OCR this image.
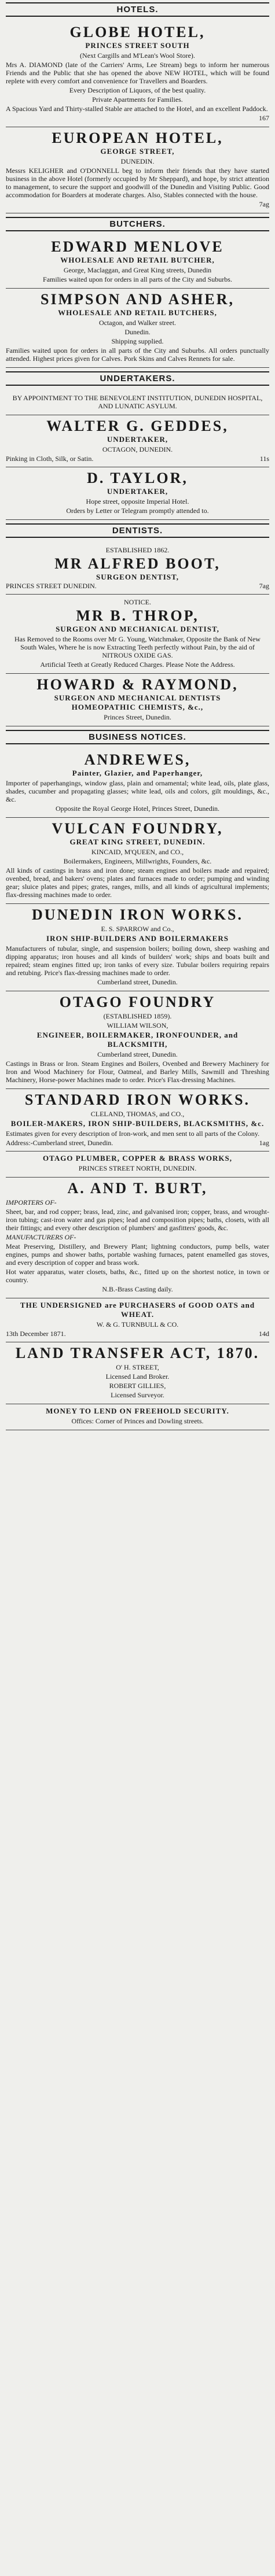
HOTELS.
GLOBE HOTEL,
PRINCES STREET SOUTH

(Next Cargills and M'Lean's Wool Store).

Mrs A. DIAMOND (late of the Carriers' Arms, Lee Stream) begs to inform her numerous Friends and the Public that she has opened the above NEW HOTEL, which will be found replete with every comfort and convenience for Travellers and Boarders.

Every Description of Liquors, of the best quality.

Private Apartments for Families.

A Spacious Yard and Thirty-stalled Stable are attached to the Hotel, and an excellent Paddock.

167

EUROPEAN HOTEL,
GEORGE STREET,

DUNEDIN.

Messrs KELIGHER and O'DONNELL beg to inform their friends that they have started business in the above Hotel (formerly occupied by Mr Sheppard), and hope, by strict attention to management, to secure the support and goodwill of the Dunedin and Visiting Public. Good accommodation for Boarders at moderate charges. Also, Stables connected with the house.

7ag

BUTCHERS.
EDWARD MENLOVE
WHOLESALE AND RETAIL BUTCHER,

George, Maclaggan, and Great King streets, Dunedin

Families waited upon for orders in all parts of the City and Suburbs.

SIMPSON AND ASHER,
WHOLESALE AND RETAIL BUTCHERS,

Octagon, and Walker street.

Dunedin.

Shipping supplied.

Families waited upon for orders in all parts of the City and Suburbs. All orders punctually attended. Highest prices given for Calves. Pork Skins and Calves Rennets for sale.

UNDERTAKERS.

BY APPOINTMENT TO THE BENEVOLENT INSTITUTION, DUNEDIN HOSPITAL, AND LUNATIC ASYLUM.

WALTER G. GEDDES,
UNDERTAKER,

OCTAGON, DUNEDIN.

Pinking in Cloth, Silk, or Satin.	11s
D. TAYLOR,
UNDERTAKER,

Hope street, opposite Imperial Hotel.

Orders by Letter or Telegram promptly attended to.

DENTISTS.

ESTABLISHED 1862.

MR ALFRED BOOT,
SURGEON DENTIST,
PRINCES STREET DUNEDIN.	7ag

NOTICE.

MR B. THROP,
SURGEON AND MECHANICAL DENTIST,

Has Removed to the Rooms over Mr G. Young, Watchmaker, Opposite the Bank of New South Wales, Where he is now Extracting Teeth perfectly without Pain, by the aid of NITROUS OXIDE GAS.

Artificial Teeth at Greatly Reduced Charges. Please Note the Address.

HOWARD & RAYMOND,
SURGEON AND MECHANICAL DENTISTS
HOMEOPATHIC CHEMISTS, &c.,

Princes Street, Dunedin.

BUSINESS NOTICES.
ANDREWES,
Painter, Glazier, and Paperhanger,

Importer of paperhangings, window glass, plain and ornamental; white lead, oils, plate glass, shades, cucumber and propagating glasses; white lead, oils and colors, gilt mouldings, &c., &c.

Opposite the Royal George Hotel, Princes Street, Dunedin.

VULCAN FOUNDRY,
GREAT KING STREET, DUNEDIN.

KINCAID, M'QUEEN, and CO.,

Boilermakers, Engineers, Millwrights, Founders, &c.

All kinds of castings in brass and iron done; steam engines and boilers made and repaired; ovenbed, bread, and bakers' ovens; plates and furnaces made to order; pumping and winding gear; sluice plates and pipes; grates, ranges, mills, and all kinds of agricultural implements; flax-dressing machines made to order.

DUNEDIN IRON WORKS.

E. S. SPARROW and Co.,

IRON SHIP-BUILDERS AND BOILERMAKERS

Manufacturers of tubular, single, and suspension boilers; boiling down, sheep washing and dipping apparatus; iron houses and all kinds of builders' work; ships and boats built and repaired; steam engines fitted up; iron tanks of every size. Tubular boilers requiring repairs and retubing. Price's flax-dressing machines made to order.

Cumberland street, Dunedin.

OTAGO FOUNDRY

(ESTABLISHED 1859).

WILLIAM WILSON,

ENGINEER, BOILERMAKER, IRONFOUNDER, and BLACKSMITH,

Cumberland street, Dunedin.

Castings in Brass or Iron. Steam Engines and Boilers, Ovenbed and Brewery Machinery for Iron and Wood Machinery for Flour, Oatmeal, and Barley Mills, Sawmill and Threshing Machinery, Horse-power Machines made to order. Price's Flax-dressing Machines.

STANDARD IRON WORKS.

CLELAND, THOMAS, and CO.,

BOILER-MAKERS, IRON SHIP-BUILDERS, BLACKSMITHS, &c.

Estimates given for every description of Iron-work, and men sent to all parts of the Colony.

Address:-Cumberland street, Dunedin.	1ag
OTAGO PLUMBER, COPPER & BRASS WORKS,

PRINCES STREET NORTH, DUNEDIN.

A. AND T. BURT,

IMPORTERS OF-

Sheet, bar, and rod copper; brass, lead, zinc, and galvanised iron; copper, brass, and wrought-iron tubing; cast-iron water and gas pipes; lead and composition pipes; baths, closets, with all their fittings; and every other description of plumbers' and gasfitters' goods, &c.

MANUFACTURERS OF-

Meat Preserving, Distillery, and Brewery Plant; lightning conductors, pump bells, water engines, pumps and shower baths, portable washing furnaces, patent enamelled gas stoves, and every description of copper and brass work.

Hot water apparatus, water closets, baths, &c., fitted up on the shortest notice, in town or country.

N.B.-Brass Casting daily.

THE UNDERSIGNED are PURCHASERS of GOOD OATS and WHEAT.

W. & G. TURNBULL & CO.

13th December 1871.	14d
LAND TRANSFER ACT, 1870.

O' H. STREET,

Licensed Land Broker.

ROBERT GILLIES,

Licensed Surveyor.

MONEY TO LEND ON FREEHOLD SECURITY.

Offices: Corner of Princes and Dowling streets.
